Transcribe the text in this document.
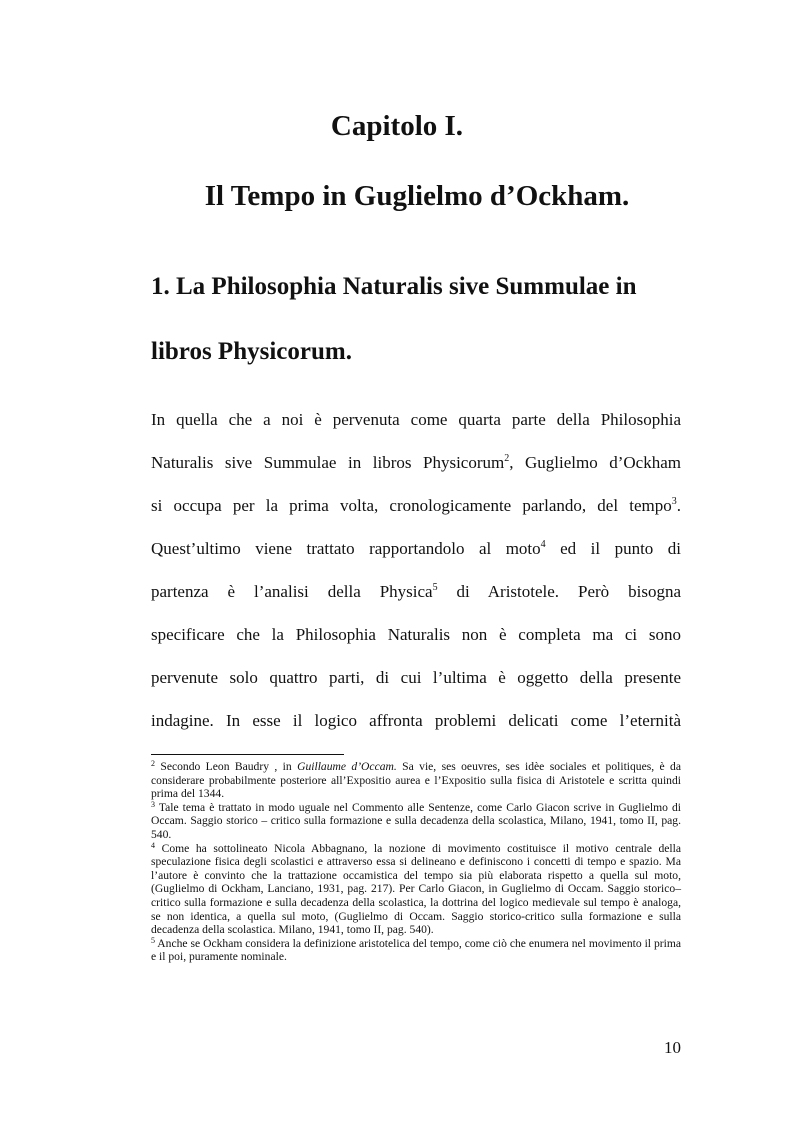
Capitolo I.
Il Tempo in Guglielmo d’Ockham.
1. La Philosophia Naturalis sive Summulae in
libros Physicorum.

In quella che a noi è pervenuta come quarta parte della Philosophia

Naturalis sive Summulae in libros Physicorum$^2$, Guglielmo d’Ockham

si occupa per la prima volta, cronologicamente parlando, del tempo$^3$.

Quest’ultimo viene trattato rapportandolo al moto$^4$ ed il punto di

partenza è l’analisi della Physica$^5$ di Aristotele. Però bisogna

specificare che la Philosophia Naturalis non è completa ma ci sono

pervenute solo quattro parti, di cui l’ultima è oggetto della presente

indagine. In esse il logico affronta problemi delicati come l’eternità

$^2$ Secondo Leon Baudry , in Guillaume d’Occam. Sa vie, ses oeuvres, ses idèe sociales et politiques, è da considerare probabilmente posteriore all’Expositio aurea e l’Expositio sulla fisica di Aristotele e scritta quindi prima del 1344.

$^3$ Tale tema è trattato in modo uguale nel Commento alle Sentenze, come Carlo Giacon scrive in Guglielmo di Occam. Saggio storico – critico sulla formazione e sulla decadenza della scolastica, Milano, 1941, tomo II, pag. 540.

$^4$ Come ha sottolineato Nicola Abbagnano, la nozione di movimento costituisce il motivo centrale della speculazione fisica degli scolastici e attraverso essa si delineano e definiscono i concetti di tempo e spazio. Ma l’autore è convinto che la trattazione occamistica del tempo sia più elaborata rispetto a quella sul moto, (Guglielmo di Ockham, Lanciano, 1931, pag. 217). Per Carlo Giacon, in Guglielmo di Occam. Saggio storico–critico sulla formazione e sulla decadenza della scolastica, la dottrina del logico medievale sul tempo è analoga, se non identica, a quella sul moto, (Guglielmo di Occam. Saggio storico-critico sulla formazione e sulla decadenza della scolastica. Milano, 1941, tomo II, pag. 540).

$^5$ Anche se Ockham considera la definizione aristotelica del tempo, come ciò che enumera nel movimento il prima e il poi, puramente nominale.

10
